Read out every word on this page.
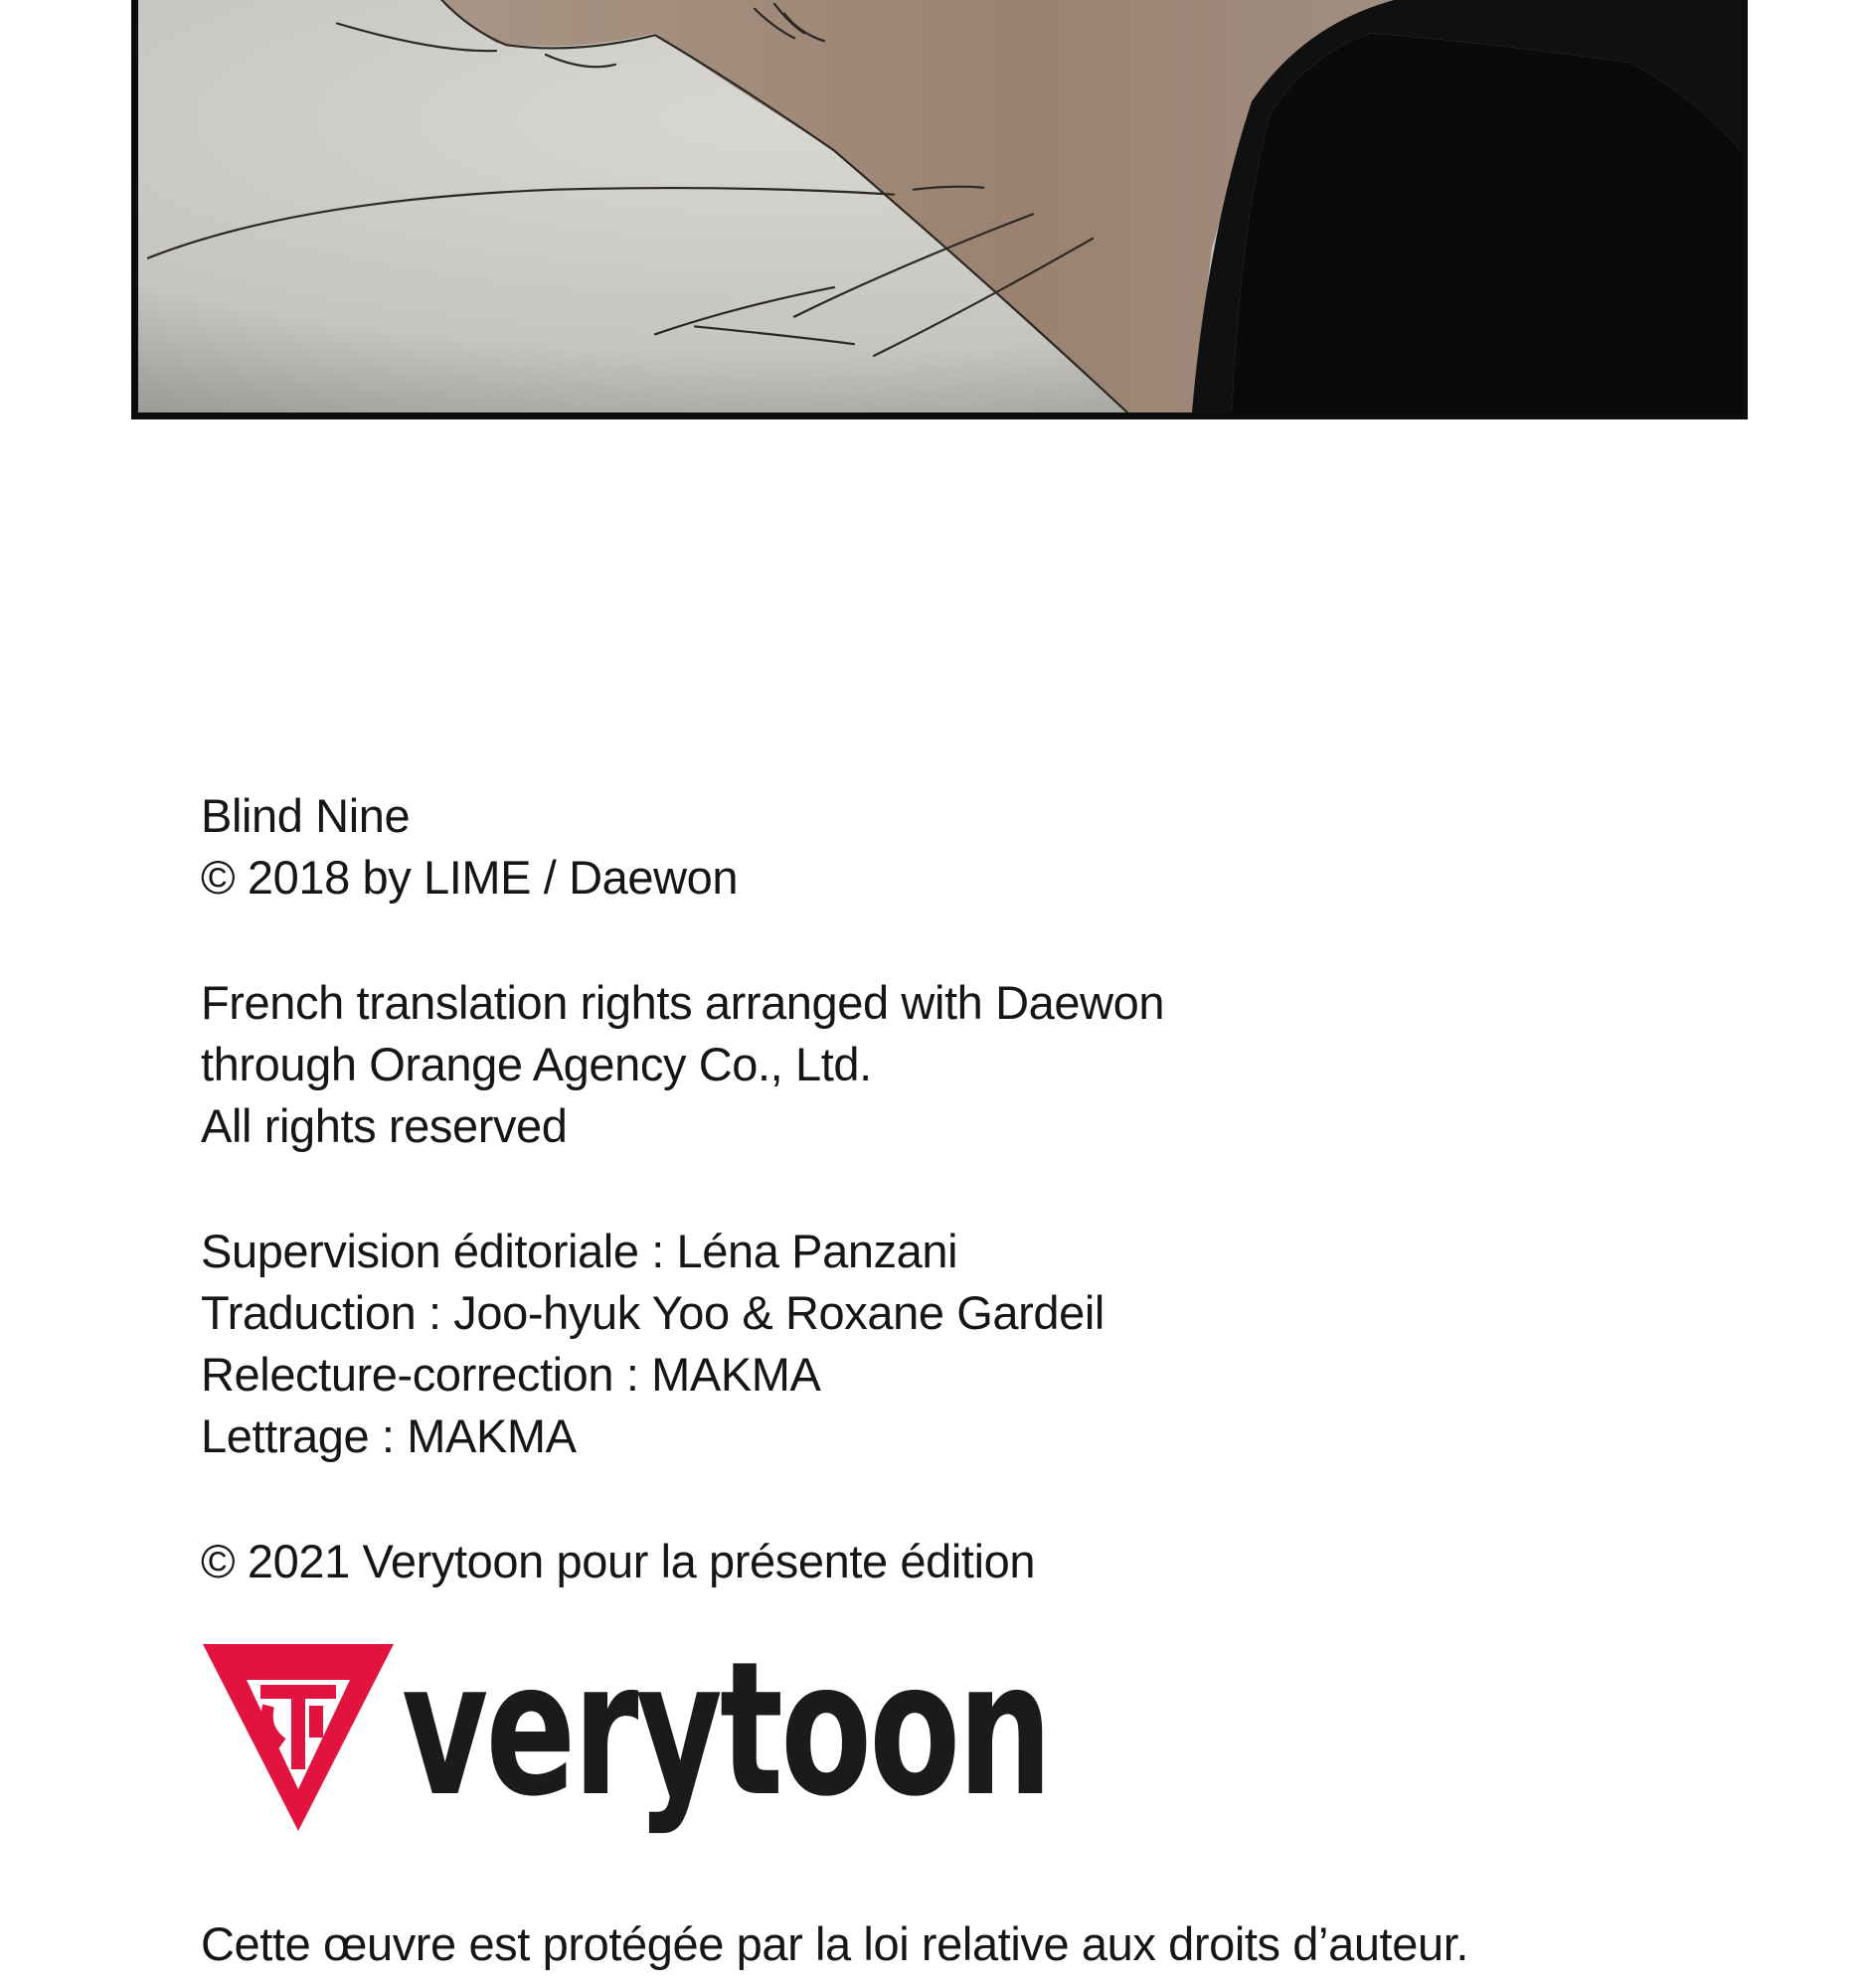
Blind Nine
© 2018 by LIME / Daewon
French translation rights arranged with Daewon
through Orange Agency Co., Ltd.
All rights reserved
Supervision éditoriale : Léna Panzani
Traduction : Joo-hyuk Yoo & Roxane Gardeil
Relecture-correction : MAKMA
Lettrage : MAKMA
© 2021 Verytoon pour la présente édition
verytoon
Cette œuvre est protégée par la loi relative aux droits d’auteur.
